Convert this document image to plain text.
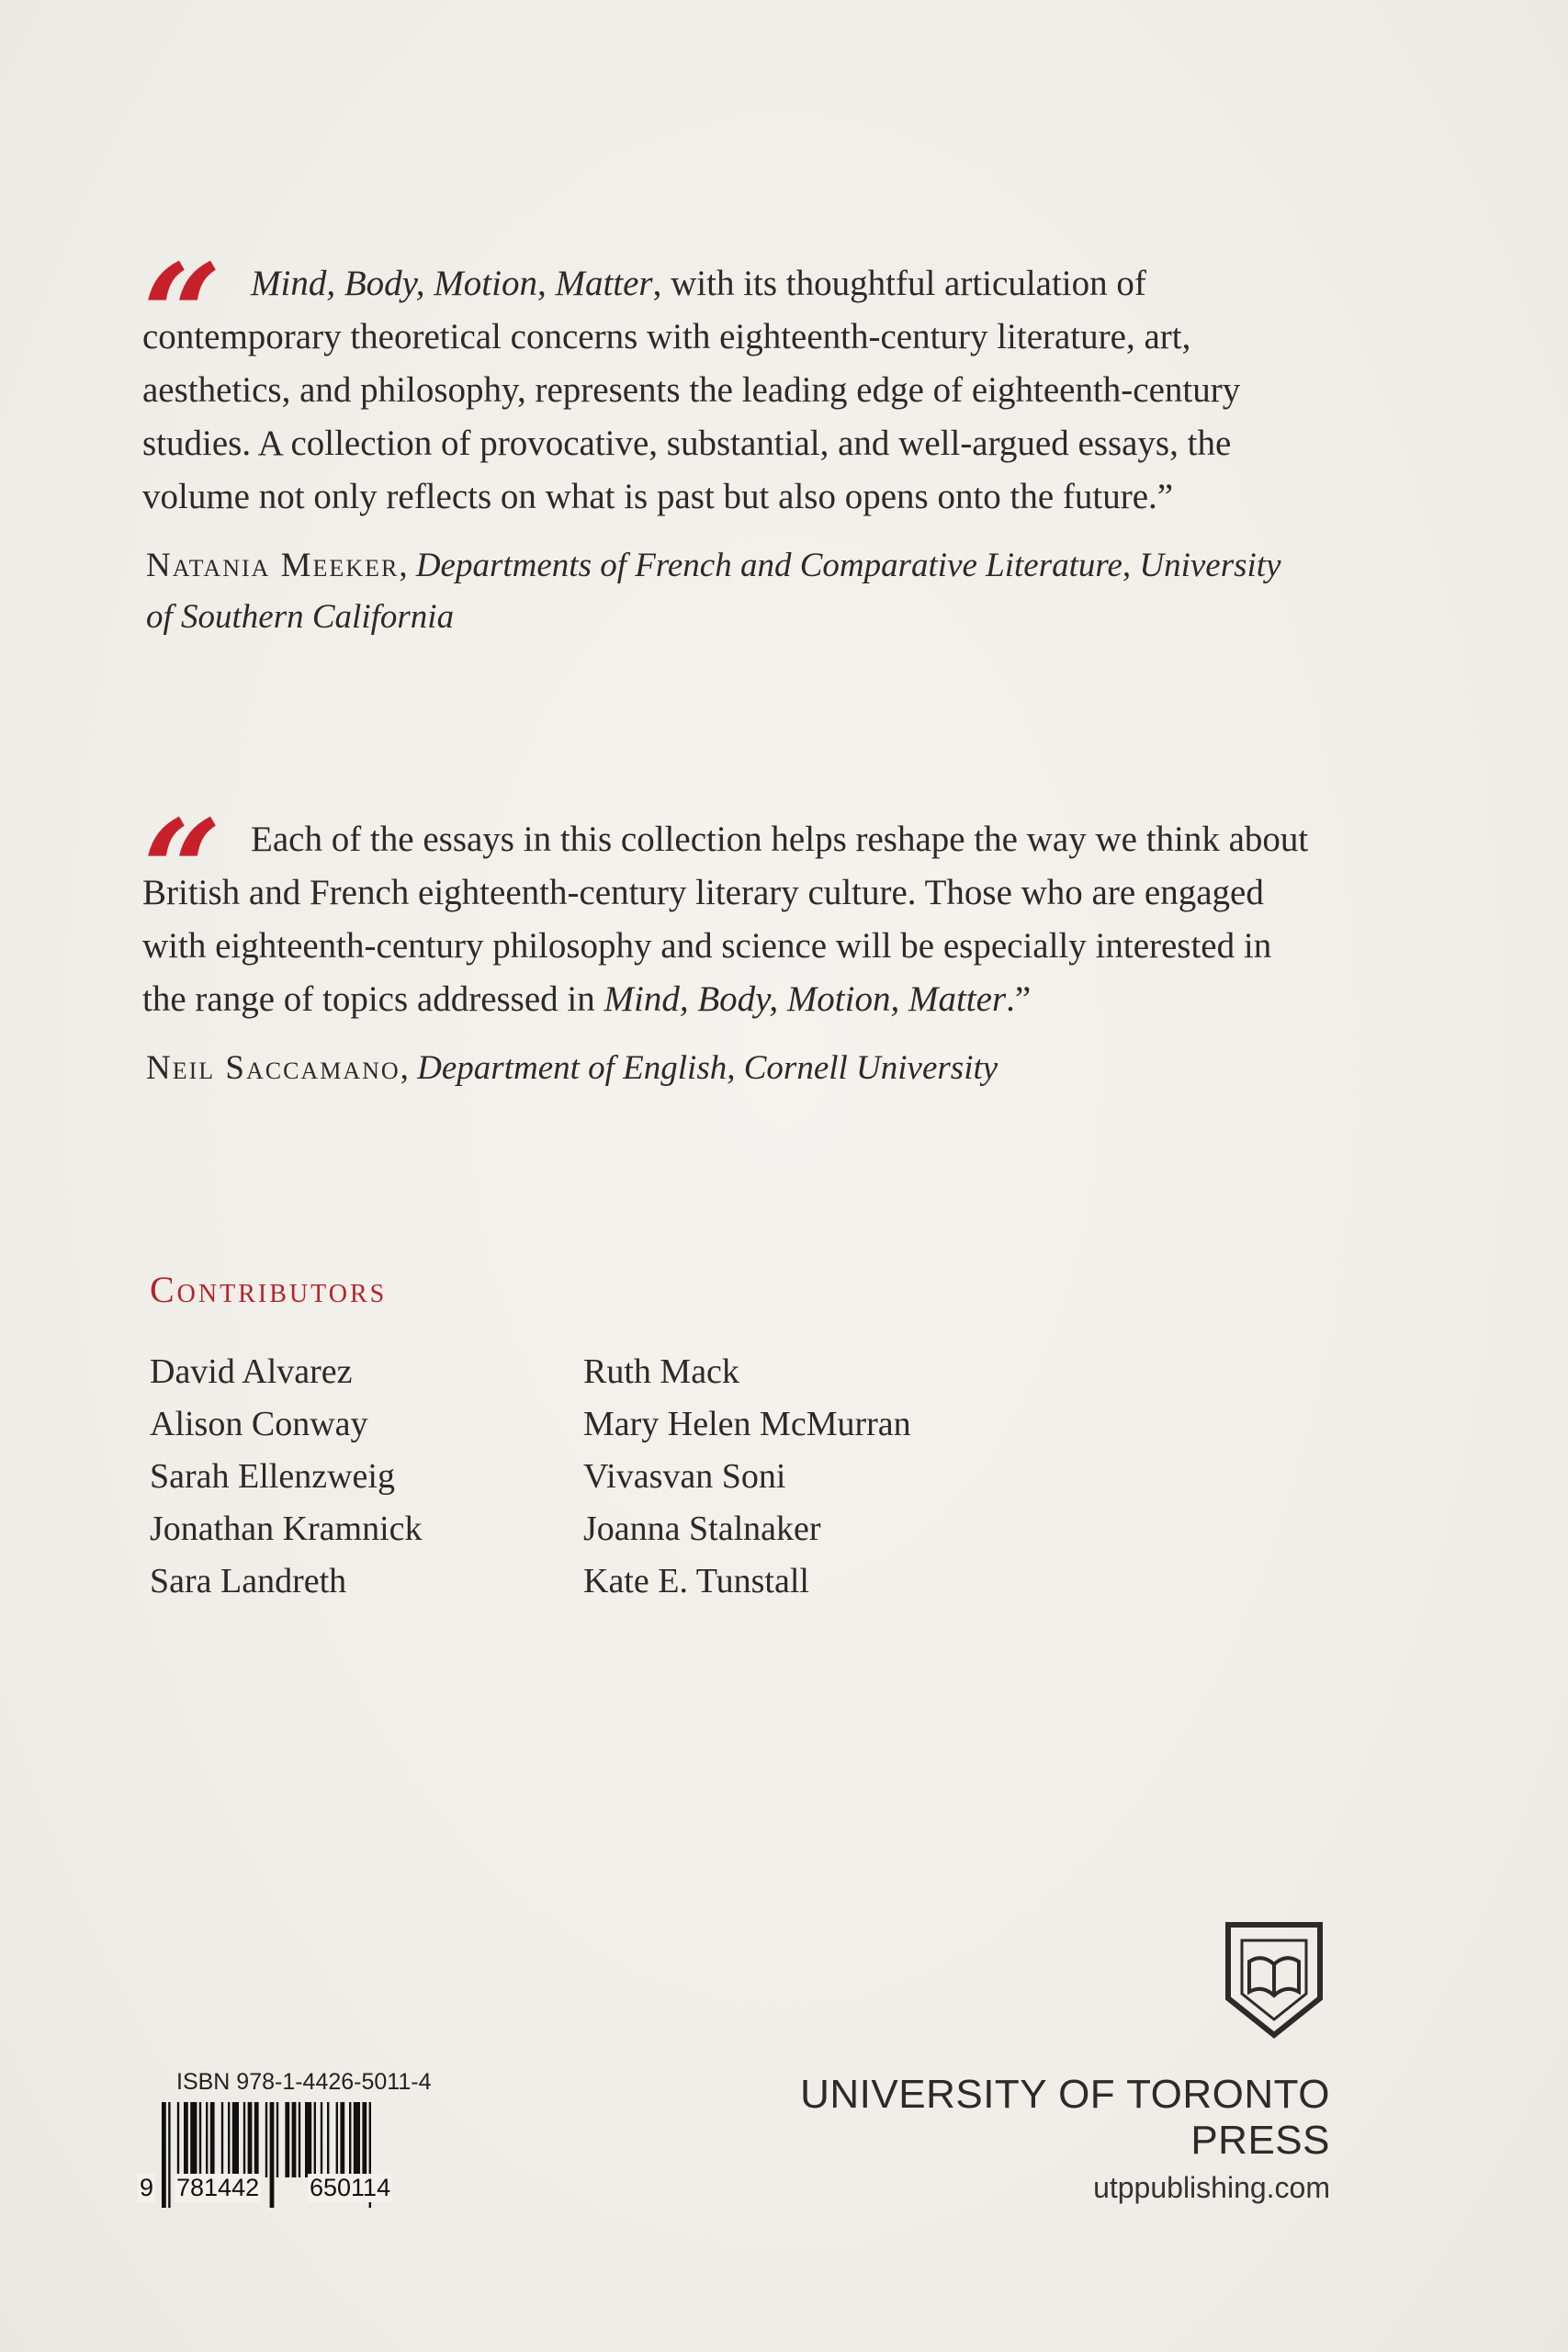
“ Mind, Body, Motion, Matter, with its thoughtful articulation of contemporary theoretical concerns with eighteenth-century literature, art, aesthetics, and philosophy, represents the leading edge of eighteenth-century studies. A collection of provocative, substantial, and well-argued essays, the volume not only reflects on what is past but also opens onto the future.”

Natania Meeker, Departments of French and Comparative Literature, University of Southern California
“ Each of the essays in this collection helps reshape the way we think about British and French eighteenth-century literary culture. Those who are engaged with eighteenth-century philosophy and science will be especially interested in the range of topics addressed in Mind, Body, Motion, Matter.”

Neil Saccamano, Department of English, Cornell University
Contributors
David Alvarez
Alison Conway
Sarah Ellenzweig
Jonathan Kramnick
Sara Landreth
Ruth Mack
Mary Helen McMurran
Vivasvan Soni
Joanna Stalnaker
Kate E. Tunstall
UNIVERSITY OF TORONTO PRESS
utppublishing.com
ISBN 978-1-4426-5011-4
9 781442 650114
